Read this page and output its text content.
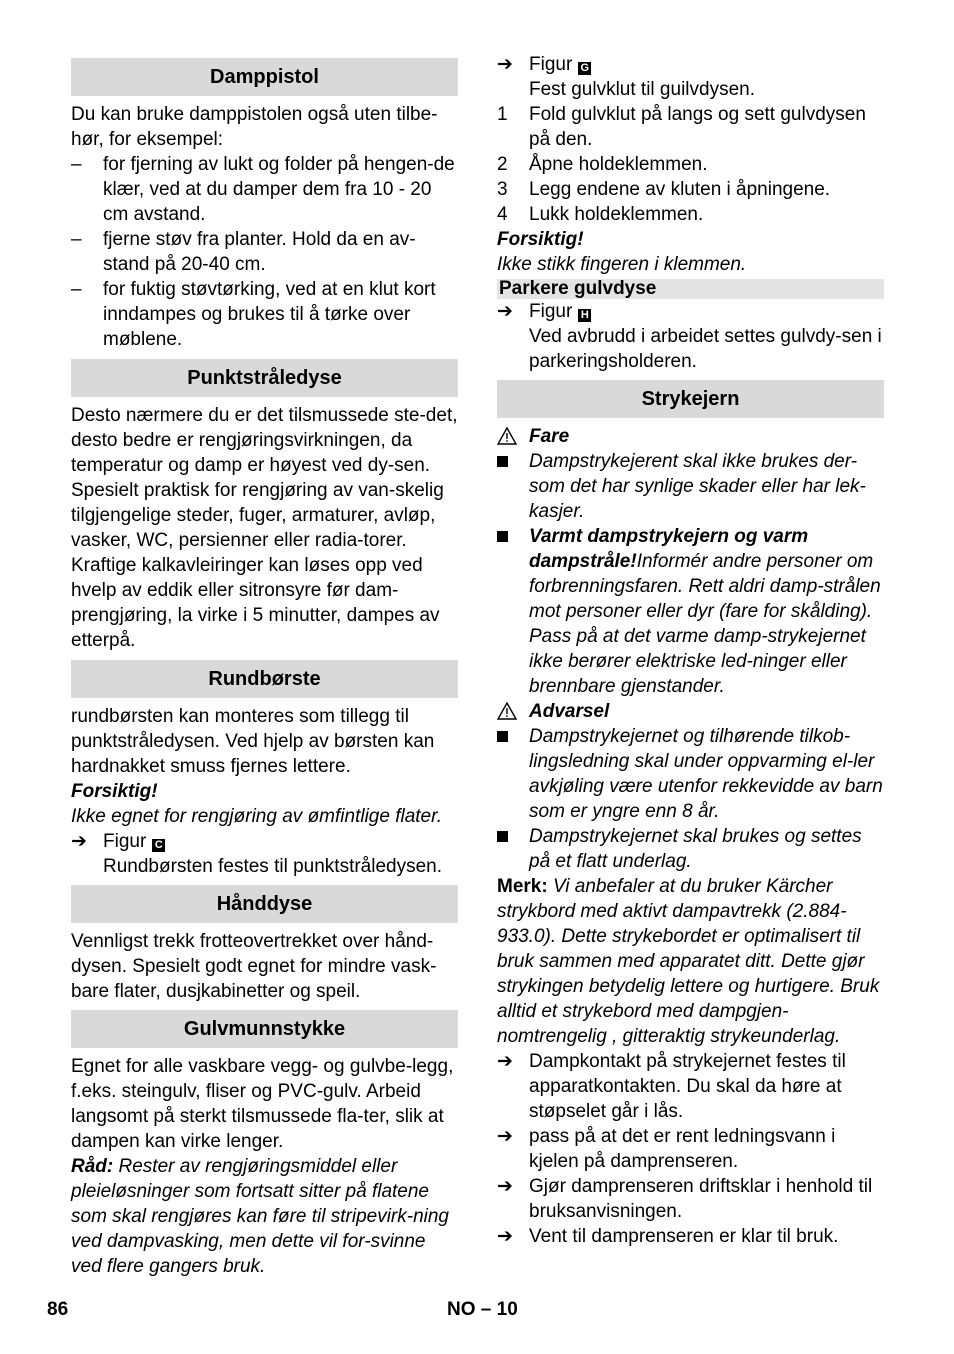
Damppistol

Du kan bruke damppistolen også uten tilbe-hør, for eksempel:

–	for fjerning av lukt og folder på hengen-de klær, ved at du damper dem fra 10 - 20 cm avstand.
–	fjerne støv fra planter. Hold da en av-stand på 20-40 cm.
–	for fuktig støvtørking, ved at en klut kort inndampes og brukes til å tørke over møblene.
Punktstråledyse

Desto nærmere du er det tilsmussede ste-det, desto bedre er rengjøringsvirkningen, da temperatur og damp er høyest ved dy-sen. Spesielt praktisk for rengjøring av van-skelig tilgjengelige steder, fuger, armaturer, avløp, vasker, WC, persienner eller radia-torer. Kraftige kalkavleiringer kan løses opp ved hvelp av eddik eller sitronsyre før dam-prengjøring, la virke i 5 minutter, dampes av etterpå.

Rundbørste

rundbørsten kan monteres som tillegg til punktstråledysen. Ved hjelp av børsten kan hardnakket smuss fjernes lettere.

Forsiktig!

Ikke egnet for rengjøring av ømfintlige flater.

➔ Figur C
Rundbørsten festes til punktstråledysen.
Hånddyse

Vennligst trekk frotteovertrekket over hånd-dysen. Spesielt godt egnet for mindre vask-bare flater, dusjkabinetter og speil.

Gulvmunnstykke

Egnet for alle vaskbare vegg- og gulvbe-legg, f.eks. steingulv, fliser og PVC-gulv. Arbeid langsomt på sterkt tilsmussede fla-ter, slik at dampen kan virke lenger.

Råd: Rester av rengjøringsmiddel eller pleieløsninger som fortsatt sitter på flatene som skal rengjøres kan føre til stripevirk-ning ved dampvasking, men dette vil for-svinne ved flere gangers bruk.

➔ Figur G
Fest gulvklut til guilvdysen.
1	Fold gulvklut på langs og sett gulvdysen på den.
2	Åpne holdeklemmen.
3	Legg endene av kluten i åpningene.
4	Lukk holdeklemmen.

Forsiktig!

Ikke stikk fingeren i klemmen.

Parkere gulvdyse
➔ Figur H
Ved avbrudd i arbeidet settes gulvdy-sen i parkeringsholderen.
Strykejern
Fare
Dampstrykejerent skal ikke brukes der-som det har synlige skader eller har lek-kasjer.
Varmt dampstrykejern og varm dampstråle!Informér andre personer om forbrenningsfaren. Rett aldri damp-strålen mot personer eller dyr (fare for skålding). Pass på at det varme damp-strykejernet ikke berører elektriske led-ninger eller brennbare gjenstander.
Advarsel
Dampstrykejernet og tilhørende tilkob-lingsledning skal under oppvarming el-ler avkjøling være utenfor rekkevidde av barn som er yngre enn 8 år.
Dampstrykejernet skal brukes og settes på et flatt underlag.

Merk: Vi anbefaler at du bruker Kärcher strykbord med aktivt dampavtrekk (2.884-933.0). Dette strykebordet er optimalisert til bruk sammen med apparatet ditt. Dette gjør strykingen betydelig lettere og hurtigere. Bruk alltid et strykebord med dampgjen-nomtrengelig , gitteraktig strykeunderlag.

➔ Dampkontakt på strykejernet festes til apparatkontakten. Du skal da høre at støpselet går i lås.
➔ pass på at det er rent ledningsvann i kjelen på damprenseren.
➔ Gjør damprenseren driftsklar i henhold til bruksanvisningen.
➔ Vent til damprenseren er klar til bruk.
86	NO – 10
